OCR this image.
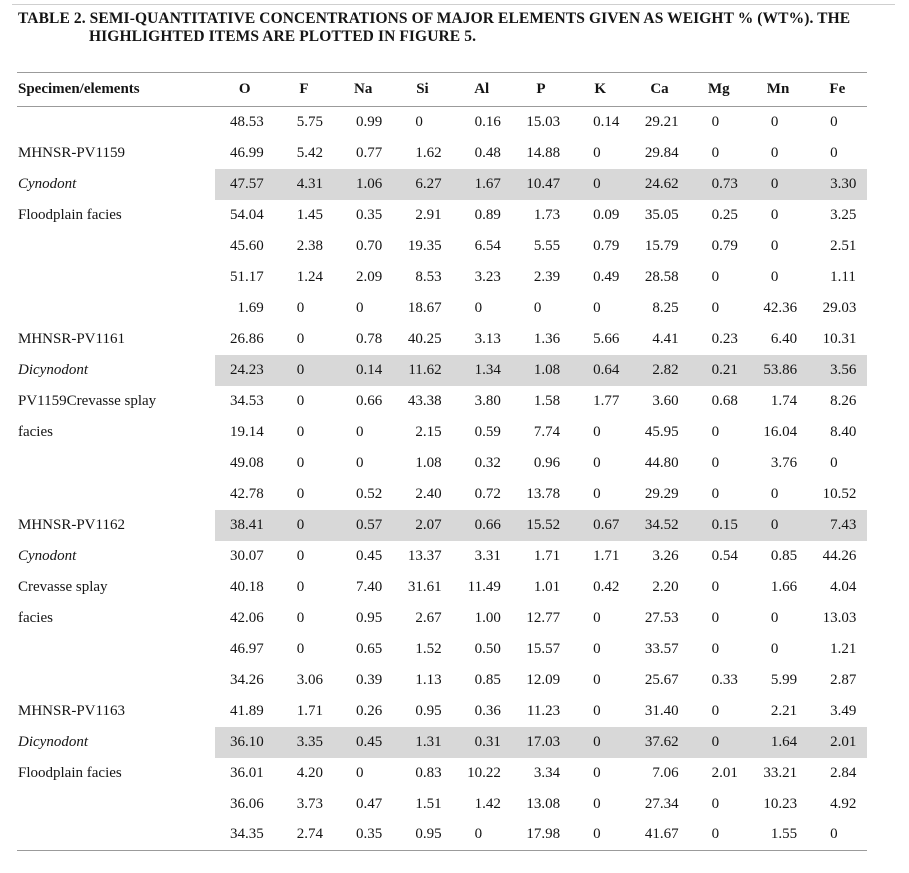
TABLE 2. SEMI-QUANTITATIVE CONCENTRATIONS OF MAJOR ELEMENTS GIVEN AS WEIGHT % (WT%). THE
HIGHLIGHTED ITEMS ARE PLOTTED IN FIGURE 5.
Specimen/elements	O	F	Na	Si	Al	P	K	Ca	Mg	Mn	Fe
	48.53	5.75	0.99	0	0.16	15.03	0.14	29.21	0	0	0
MHNSR-PV1159	46.99	5.42	0.77	1.62	0.48	14.88	0	29.84	0	0	0
Cynodont	47.57	4.31	1.06	6.27	1.67	10.47	0	24.62	0.73	0	3.30
Floodplain facies	54.04	1.45	0.35	2.91	0.89	1.73	0.09	35.05	0.25	0	3.25
	45.60	2.38	0.70	19.35	6.54	5.55	0.79	15.79	0.79	0	2.51
	51.17	1.24	2.09	8.53	3.23	2.39	0.49	28.58	0	0	1.11
	1.69	0	0	18.67	0	0	0	8.25	0	42.36	29.03
MHNSR-PV1161	26.86	0	0.78	40.25	3.13	1.36	5.66	4.41	0.23	6.40	10.31
Dicynodont	24.23	0	0.14	11.62	1.34	1.08	0.64	2.82	0.21	53.86	3.56
PV1159Crevasse splay	34.53	0	0.66	43.38	3.80	1.58	1.77	3.60	0.68	1.74	8.26
facies	19.14	0	0	2.15	0.59	7.74	0	45.95	0	16.04	8.40
	49.08	0	0	1.08	0.32	0.96	0	44.80	0	3.76	0
	42.78	0	0.52	2.40	0.72	13.78	0	29.29	0	0	10.52
MHNSR-PV1162	38.41	0	0.57	2.07	0.66	15.52	0.67	34.52	0.15	0	7.43
Cynodont	30.07	0	0.45	13.37	3.31	1.71	1.71	3.26	0.54	0.85	44.26
Crevasse splay	40.18	0	7.40	31.61	11.49	1.01	0.42	2.20	0	1.66	4.04
facies	42.06	0	0.95	2.67	1.00	12.77	0	27.53	0	0	13.03
	46.97	0	0.65	1.52	0.50	15.57	0	33.57	0	0	1.21
	34.26	3.06	0.39	1.13	0.85	12.09	0	25.67	0.33	5.99	2.87
MHNSR-PV1163	41.89	1.71	0.26	0.95	0.36	11.23	0	31.40	0	2.21	3.49
Dicynodont	36.10	3.35	0.45	1.31	0.31	17.03	0	37.62	0	1.64	2.01
Floodplain facies	36.01	4.20	0	0.83	10.22	3.34	0	7.06	2.01	33.21	2.84
	36.06	3.73	0.47	1.51	1.42	13.08	0	27.34	0	10.23	4.92
	34.35	2.74	0.35	0.95	0	17.98	0	41.67	0	1.55	0
